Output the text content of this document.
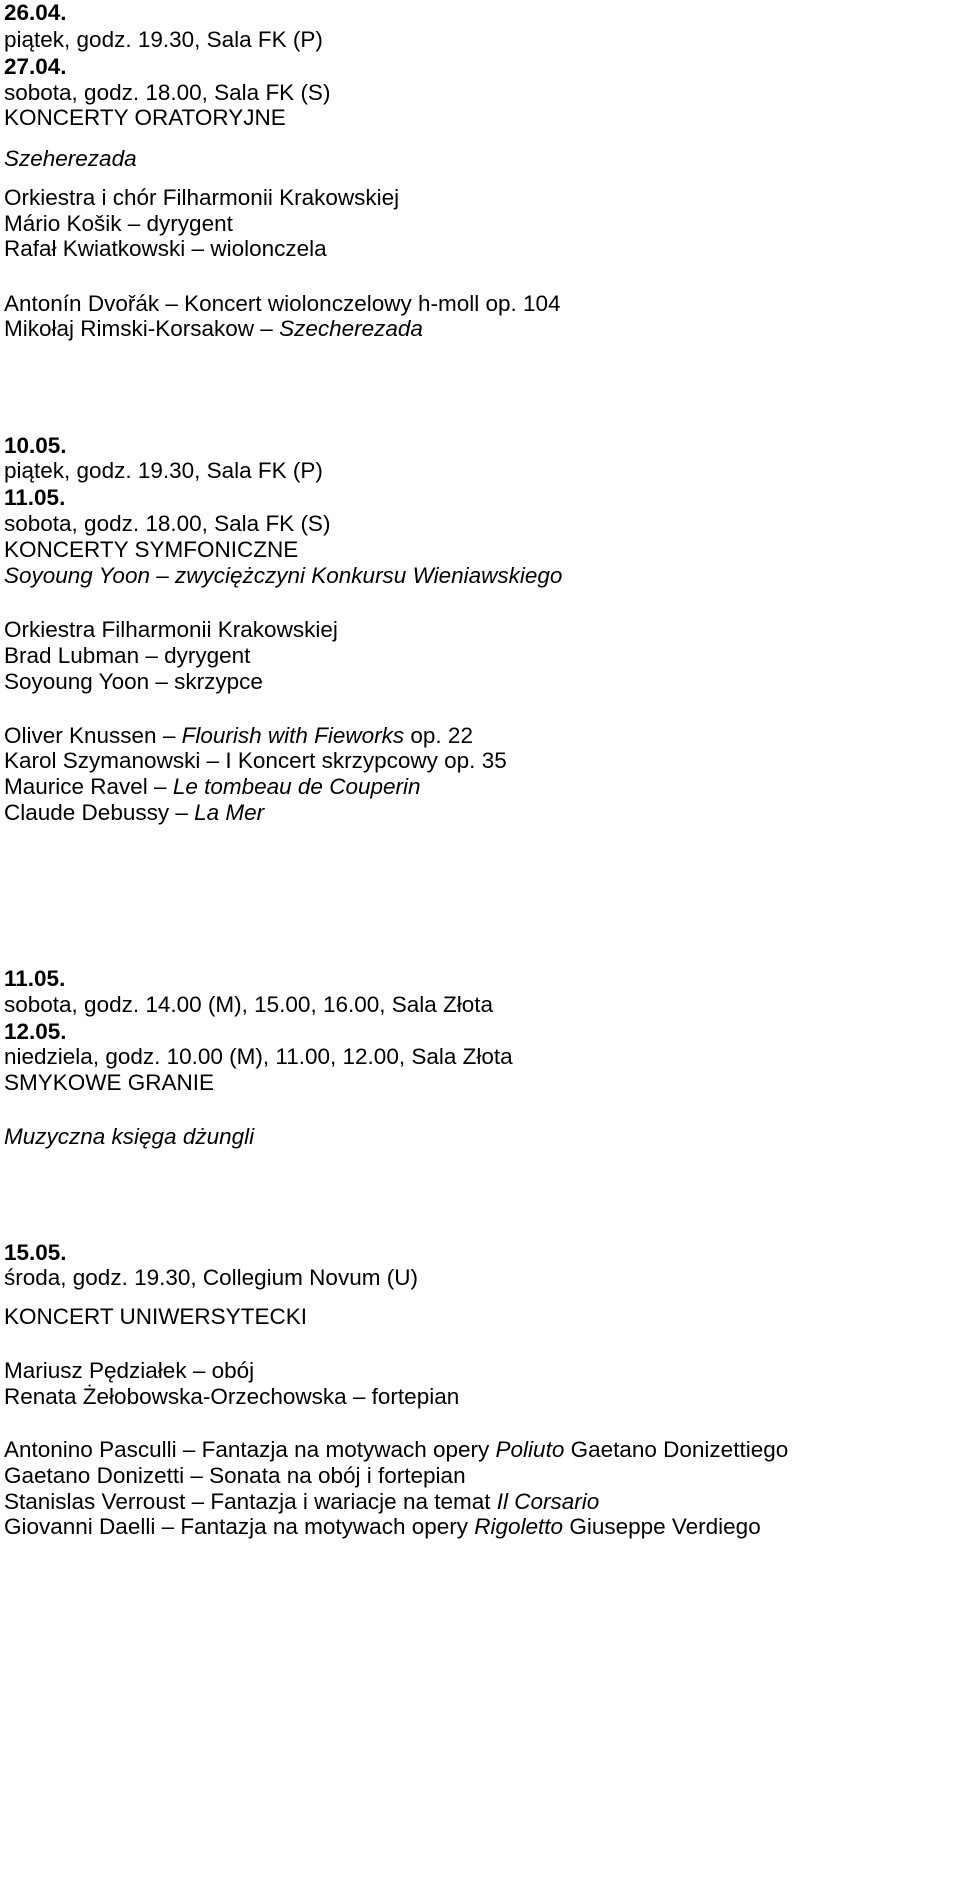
26.04.
piątek, godz. 19.30, Sala FK (P)
27.04.
sobota, godz. 18.00, Sala FK (S)
KONCERTY ORATORYJNE
Szeherezada
Orkiestra i chór Filharmonii Krakowskiej
Mário Košik – dyrygent
Rafał Kwiatkowski – wiolonczela
Antonín Dvořák – Koncert wiolonczelowy h-moll op. 104
Mikołaj Rimski-Korsakow – Szecherezada
10.05.
piątek, godz. 19.30, Sala FK (P)
11.05.
sobota, godz. 18.00, Sala FK (S)
KONCERTY SYMFONICZNE
Soyoung Yoon – zwyciężczyni Konkursu Wieniawskiego
Orkiestra Filharmonii Krakowskiej
Brad Lubman – dyrygent
Soyoung Yoon – skrzypce
Oliver Knussen – Flourish with Fieworks op. 22
Karol Szymanowski – I Koncert skrzypcowy op. 35
Maurice Ravel – Le tombeau de Couperin
Claude Debussy – La Mer
11.05.
sobota, godz. 14.00 (M), 15.00, 16.00, Sala Złota
12.05.
niedziela, godz. 10.00 (M), 11.00, 12.00, Sala Złota
SMYKOWE GRANIE
Muzyczna księga dżungli
15.05.
środa, godz. 19.30, Collegium Novum (U)
KONCERT UNIWERSYTECKI
Mariusz Pędziałek – obój
Renata Żełobowska-Orzechowska – fortepian
Antonino Pasculli – Fantazja na motywach opery Poliuto Gaetano Donizettiego
Gaetano Donizetti – Sonata na obój i fortepian
Stanislas Verroust – Fantazja i wariacje na temat Il Corsario
Giovanni Daelli – Fantazja na motywach opery Rigoletto Giuseppe Verdiego
